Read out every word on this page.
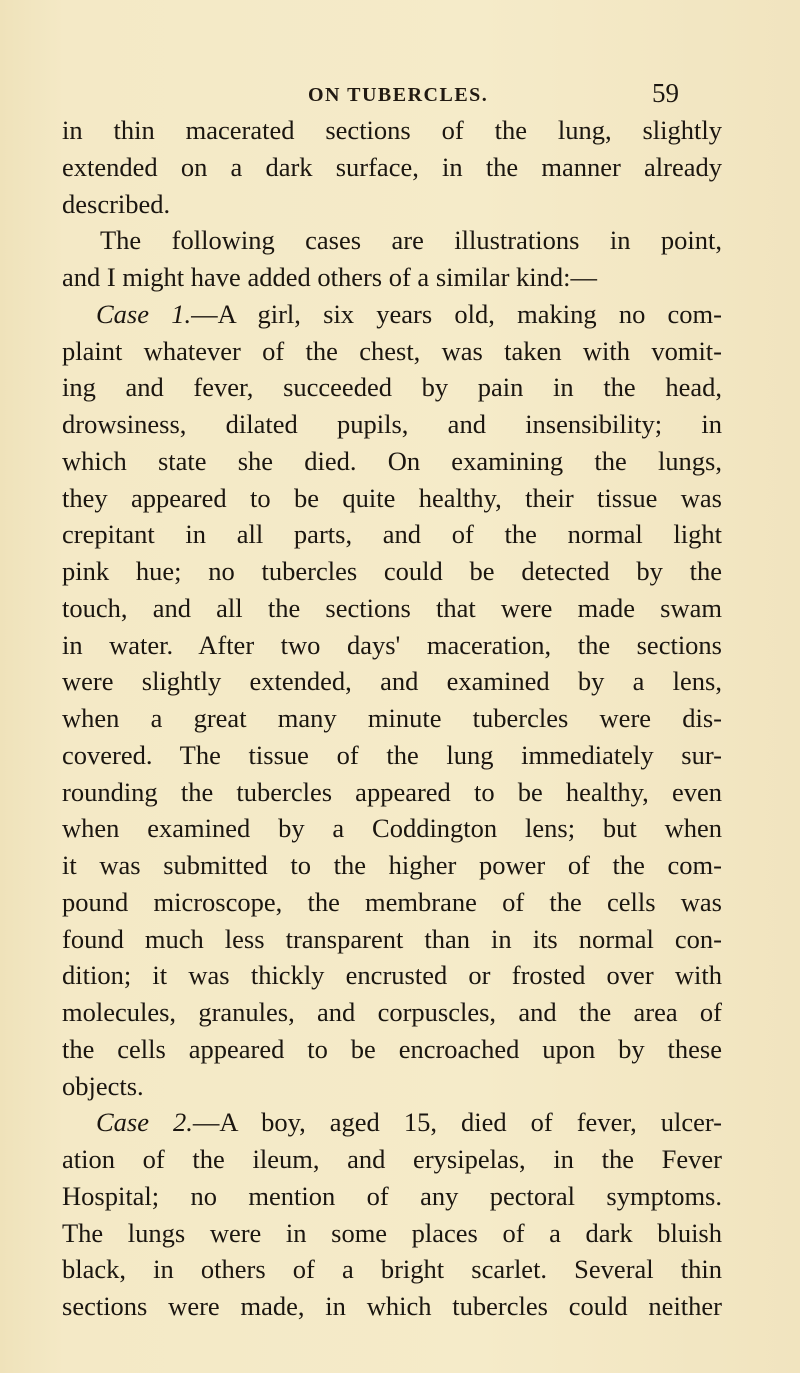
ON TUBERCLES.	59
in thin macerated sections of the lung, slightly
extended on a dark surface, in the manner already
described.
The following cases are illustrations in point,
and I might have added others of a similar kind:—
Case 1.—A girl, six years old, making no com-
plaint whatever of the chest, was taken with vomit-
ing and fever, succeeded by pain in the head,
drowsiness, dilated pupils, and insensibility; in
which state she died. On examining the lungs,
they appeared to be quite healthy, their tissue was
crepitant in all parts, and of the normal light
pink hue; no tubercles could be detected by the
touch, and all the sections that were made swam
in water. After two days' maceration, the sections
were slightly extended, and examined by a lens,
when a great many minute tubercles were dis-
covered. The tissue of the lung immediately sur-
rounding the tubercles appeared to be healthy, even
when examined by a Coddington lens; but when
it was submitted to the higher power of the com-
pound microscope, the membrane of the cells was
found much less transparent than in its normal con-
dition; it was thickly encrusted or frosted over with
molecules, granules, and corpuscles, and the area of
the cells appeared to be encroached upon by these
objects.
Case 2.—A boy, aged 15, died of fever, ulcer-
ation of the ileum, and erysipelas, in the Fever
Hospital; no mention of any pectoral symptoms.
The lungs were in some places of a dark bluish
black, in others of a bright scarlet. Several thin
sections were made, in which tubercles could neither
